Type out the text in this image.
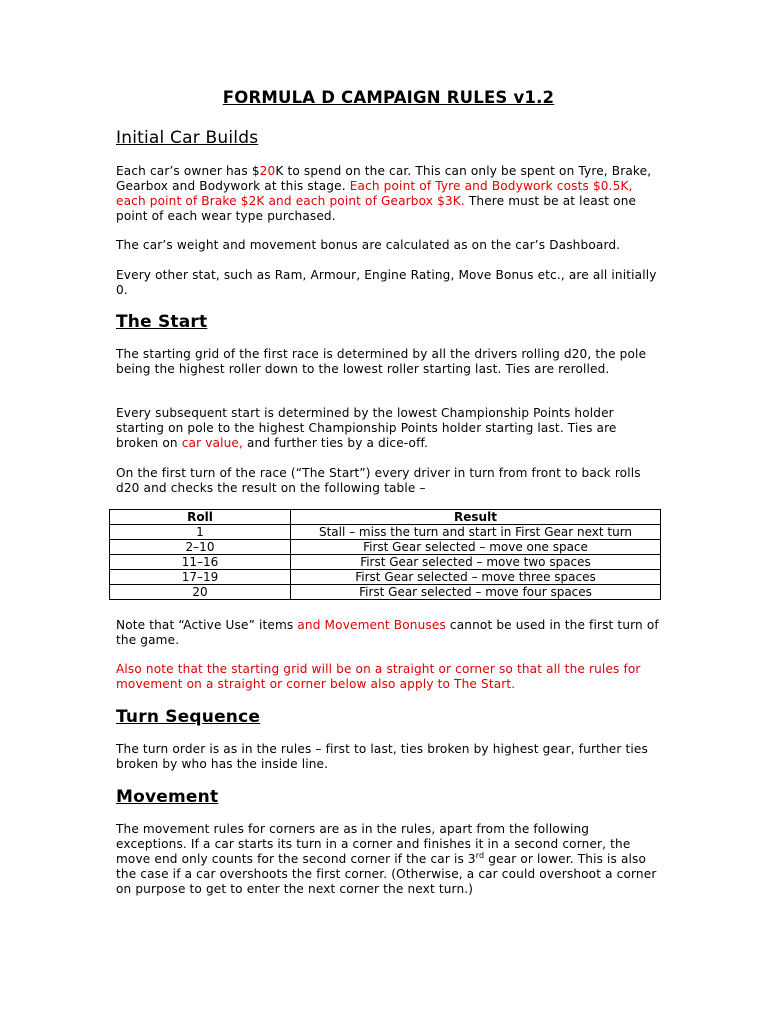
FORMULA D CAMPAIGN RULES v1.2
Initial Car Builds

Each car’s owner has $20K to spend on the car. This can only be spent on Tyre, Brake, Gearbox and Bodywork at this stage. Each point of Tyre and Bodywork costs $0.5K, each point of Brake $2K and each point of Gearbox $3K. There must be at least one point of each wear type purchased.

The car’s weight and movement bonus are calculated as on the car’s Dashboard.

Every other stat, such as Ram, Armour, Engine Rating, Move Bonus etc., are all initially 0.

The Start

The starting grid of the first race is determined by all the drivers rolling d20, the pole being the highest roller down to the lowest roller starting last. Ties are rerolled.

Every subsequent start is determined by the lowest Championship Points holder starting on pole to the highest Championship Points holder starting last. Ties are broken on car value, and further ties by a dice-off.

On the first turn of the race (“The Start”) every driver in turn from front to back rolls d20 and checks the result on the following table –

Roll	Result
1	Stall – miss the turn and start in First Gear next turn
2–10	First Gear selected – move one space
11–16	First Gear selected – move two spaces
17–19	First Gear selected – move three spaces
20	First Gear selected – move four spaces

Note that “Active Use” items and Movement Bonuses cannot be used in the first turn of the game.

Also note that the starting grid will be on a straight or corner so that all the rules for movement on a straight or corner below also apply to The Start.

Turn Sequence

The turn order is as in the rules – first to last, ties broken by highest gear, further ties broken by who has the inside line.

Movement

The movement rules for corners are as in the rules, apart from the following exceptions. If a car starts its turn in a corner and finishes it in a second corner, the move end only counts for the second corner if the car is 3rd gear or lower. This is also the case if a car overshoots the first corner. (Otherwise, a car could overshoot a corner on purpose to get to enter the next corner the next turn.)
